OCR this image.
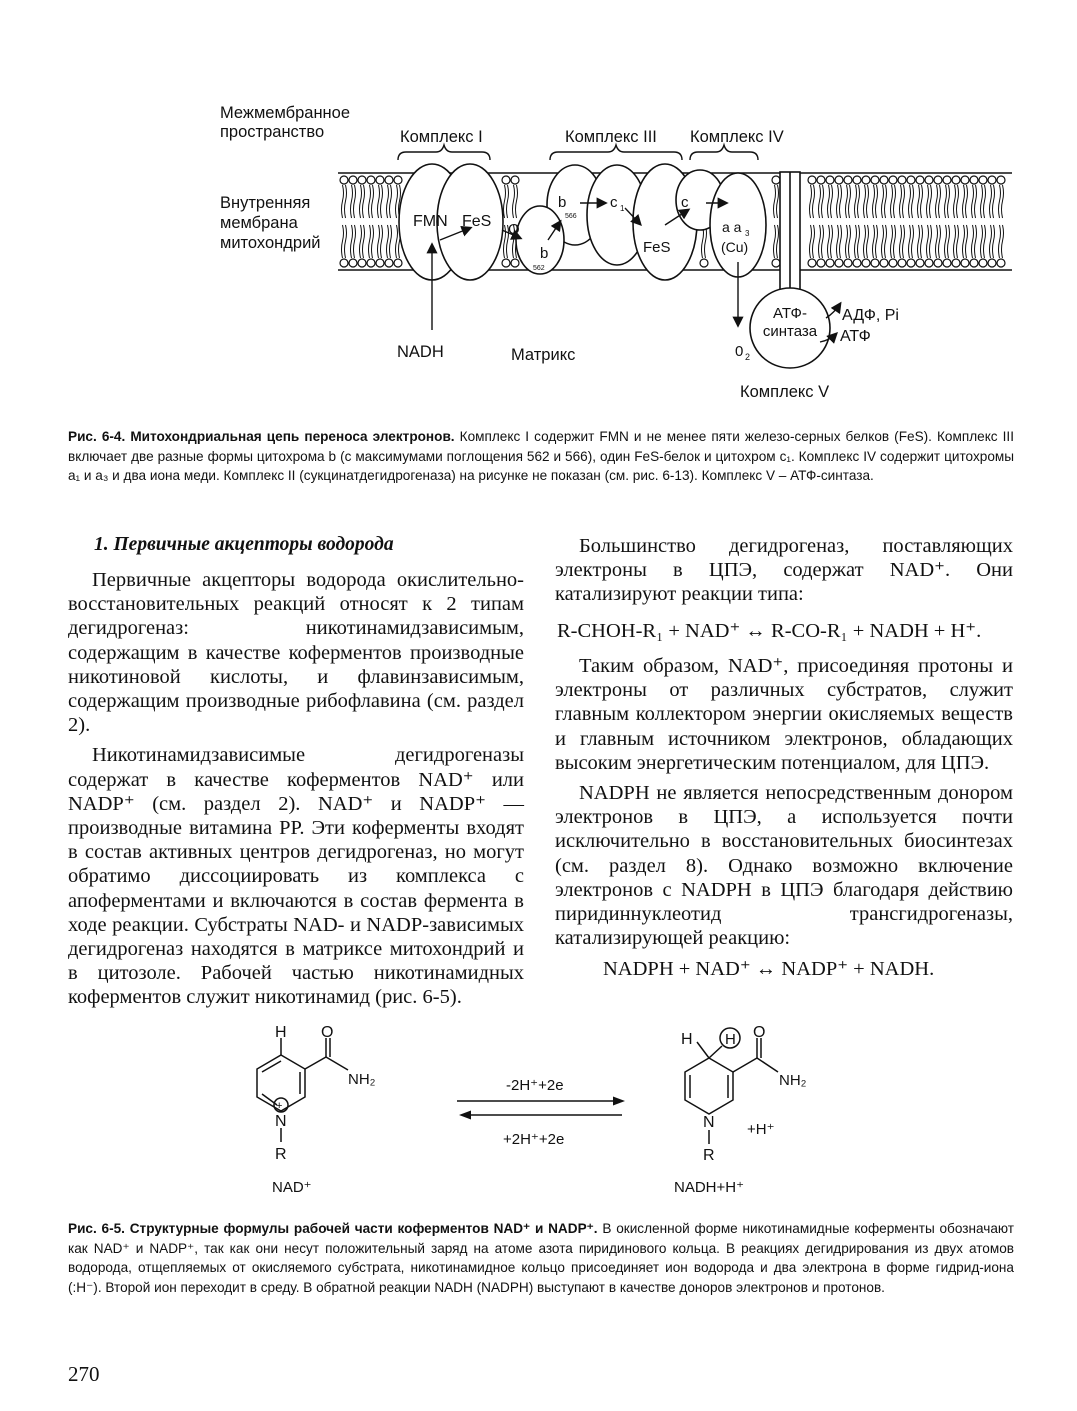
Межмембранное
пространство
Внутренняя
мембрана
митохондрий
Комплекс I	Комплекс III Комплекс IV
Комплекс V
FMN FeS Q
b
566
b
562
c 1
FeS
c
a a 3
(Cu)
NADH	Матрикс	0 2
АТФ-
синтаза
АДФ, Pi
АТФ
Рис. 6-4. Митохондриальная цепь переноса электронов. Комплекс I содержит FMN и не менее пяти железо-серных белков (FeS). Комплекс III включает две разные формы цитохрома b (с максимумами поглощения 562 и 566), один FeS-белок и цитохром с₁. Комплекс IV содержит цитохромы а₁ и а₃ и два иона меди. Комплекс II (сукцинатдегидрогеназа) на рисунке не показан (см. рис. 6-13). Комплекс V – АТФ-синтаза.
1. Первичные акцепторы водорода

Первичные акцепторы водорода окислительно-восстановительных реакций относят к 2 типам дегидрогеназ: никотинамидзависимым, содержащим в качестве коферментов производные никотиновой кислоты, и флавинзависимым, содержащим производные рибофлавина (см. раздел 2).

Никотинамидзависимые дегидрогеназы содержат в качестве коферментов NAD⁺ или NADP⁺ (см. раздел 2). NAD⁺ и NADP⁺ — производные витамина РР. Эти коферменты входят в состав активных центров дегидрогеназ, но могут обратимо диссоциировать из комплекса с апоферментами и включаются в состав фермента в ходе реакции. Субстраты NAD- и NADP-зависимых дегидрогеназ находятся в матриксе митохондрий и в цитозоле. Рабочей частью никотинамидных коферментов служит никотинамид (рис. 6-5).

Большинство дегидрогеназ, поставляющих электроны в ЦПЭ, содержат NAD⁺. Они катализируют реакции типа:

R-CHOH-R₁ + NAD⁺ ↔ R-CO-R₁ + NADH + H⁺.

Таким образом, NAD⁺, присоединяя протоны и электроны от различных субстратов, служит главным коллектором энергии окисляемых веществ и главным источником электронов, обладающих высоким энергетическим потенциалом, для ЦПЭ.

NADPH не является непосредственным донором электронов в ЦПЭ, а используется почти исключительно в восстановительных биосинтезах (см. раздел 8). Однако возможно включение электронов с NADPH в ЦПЭ благодаря действию пиридиннуклеотид трансгидрогеназы, катализирующей реакцию:

NADPH + NAD⁺ ↔ NADP⁺ + NADH.
H O
NH₂
N
+
R
NAD⁺
-2H⁺+2e
+2H⁺+2e
H H O
NH₂
N +H⁺
R
NADH+H⁺
Рис. 6-5. Структурные формулы рабочей части коферментов NAD⁺ и NADP⁺. В окисленной форме никотинамидные коферменты обозначают как NAD⁺ и NADP⁺, так как они несут положительный заряд на атоме азота пиридинового кольца. В реакциях дегидрирования из двух атомов водорода, отщепляемых от окисляемого субстрата, никотинамидное кольцо присоединяет ион водорода и два электрона в форме гидрид-иона (:Н⁻). Второй ион переходит в среду. В обратной реакции NADH (NADPH) выступают в качестве доноров электронов и протонов.
270
